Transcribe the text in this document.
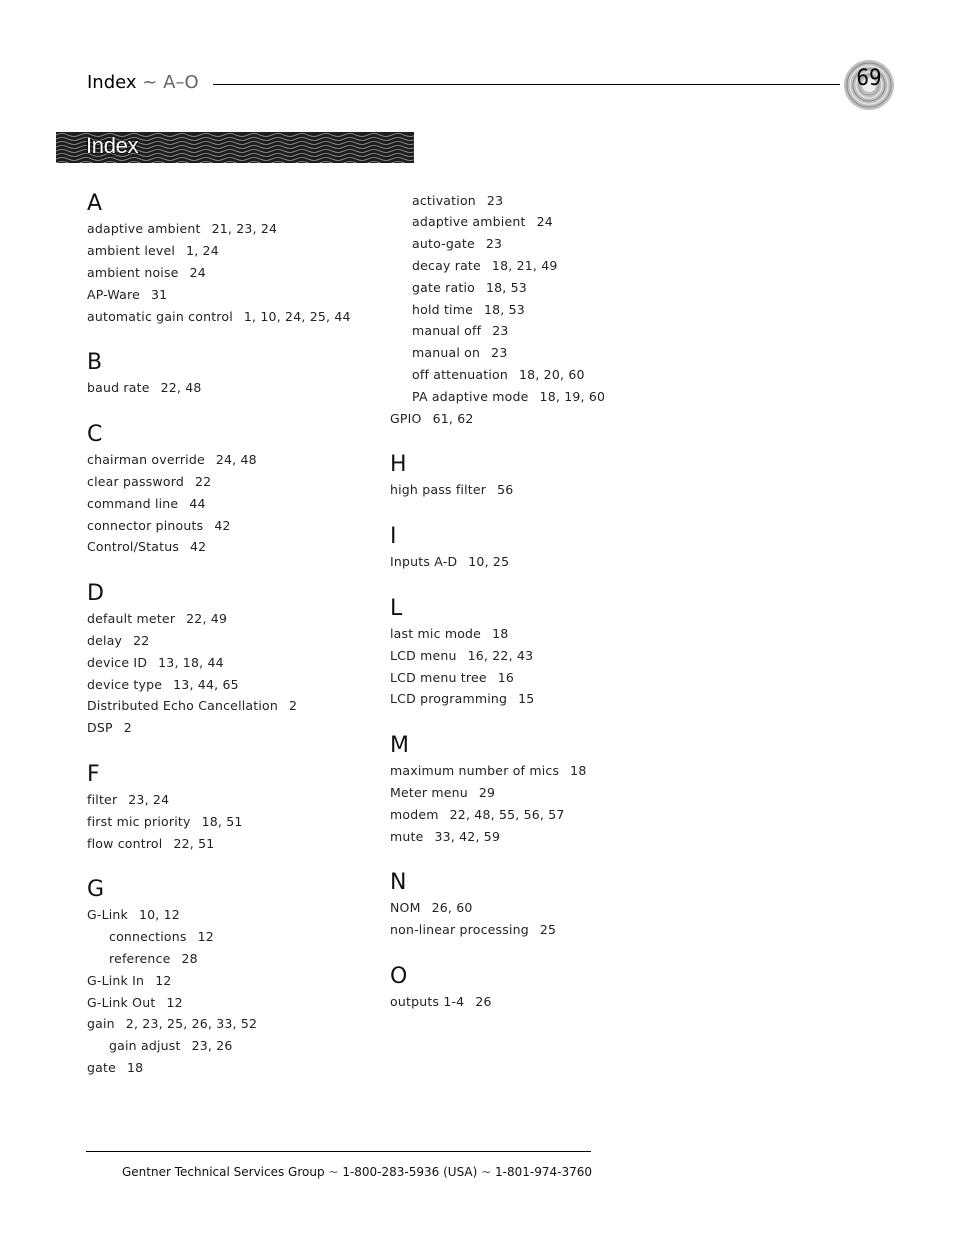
Index ~ A–O	69
Index
A
adaptive ambient 21, 23, 24
ambient level 1, 24
ambient noise 24
AP-Ware 31
automatic gain control 1, 10, 24, 25, 44
B
baud rate 22, 48
C
chairman override 24, 48
clear password 22
command line 44
connector pinouts 42
Control/Status 42
D
default meter 22, 49
delay 22
device ID 13, 18, 44
device type 13, 44, 65
Distributed Echo Cancellation 2
DSP 2
F
filter 23, 24
first mic priority 18, 51
flow control 22, 51
G
G-Link 10, 12
connections 12
reference 28
G-Link In 12
G-Link Out 12
gain 2, 23, 25, 26, 33, 52
gain adjust 23, 26
gate 18
activation 23
adaptive ambient 24
auto-gate 23
decay rate 18, 21, 49
gate ratio 18, 53
hold time 18, 53
manual off 23
manual on 23
off attenuation 18, 20, 60
PA adaptive mode 18, 19, 60
GPIO 61, 62
H
high pass filter 56
I
Inputs A-D 10, 25
L
last mic mode 18
LCD menu 16, 22, 43
LCD menu tree 16
LCD programming 15
M
maximum number of mics 18
Meter menu 29
modem 22, 48, 55, 56, 57
mute 33, 42, 59
N
NOM 26, 60
non-linear processing 25
O
outputs 1-4 26
Gentner Technical Services Group ~ 1-800-283-5936 (USA) ~ 1-801-974-3760
